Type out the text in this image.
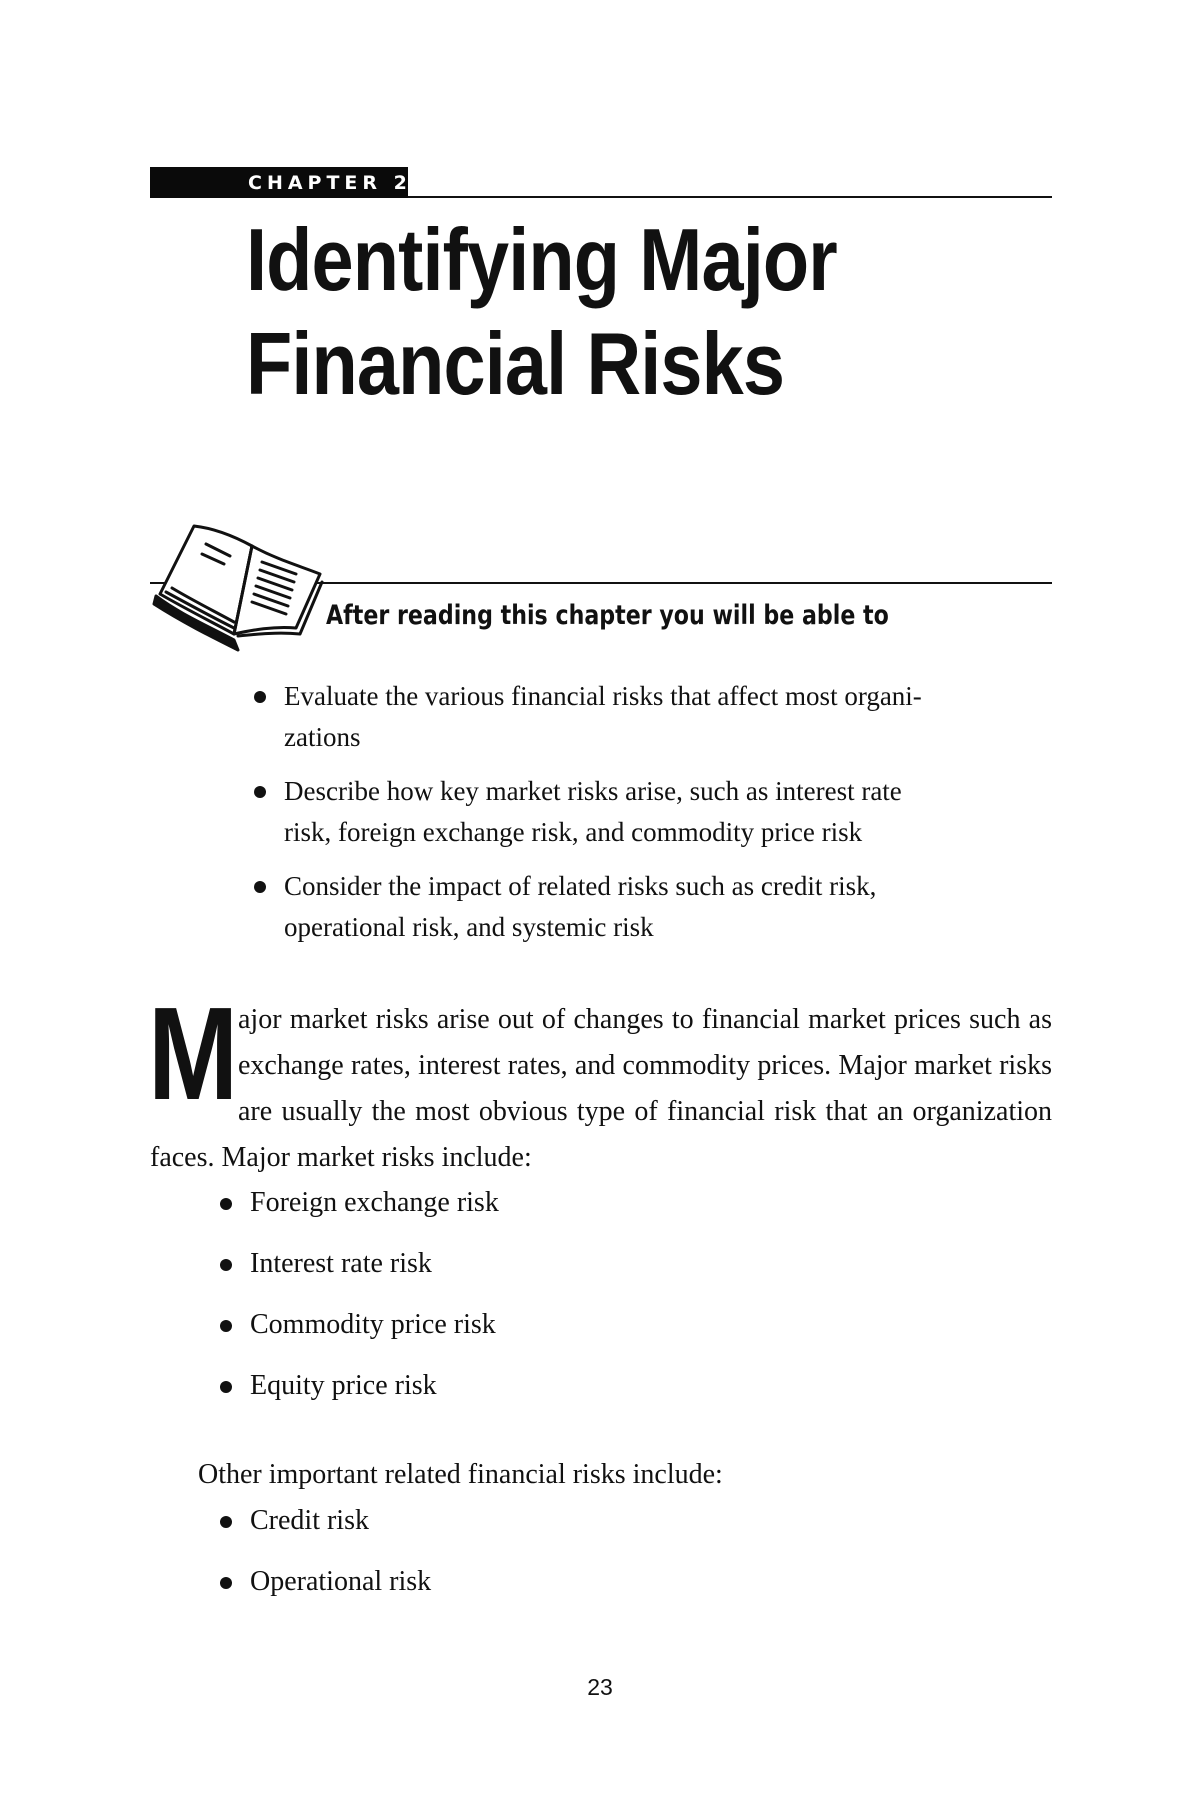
CHAPTER 2
Identifying Major
Financial Risks
After reading this chapter you will be able to
Evaluate the various financial risks that affect most organi-
zations
Describe how key market risks arise, such as interest rate
risk, foreign exchange risk, and commodity price risk
Consider the impact of related risks such as credit risk,
operational risk, and systemic risk

Major market risks arise out of changes to financial market prices such as exchange rates, interest rates, and commodity prices. Major market risks are usually the most obvious type of financial risk that an organization faces. Major market risks include:

Foreign exchange risk
Interest rate risk
Commodity price risk
Equity price risk

Other important related financial risks include:

Credit risk
Operational risk
23
